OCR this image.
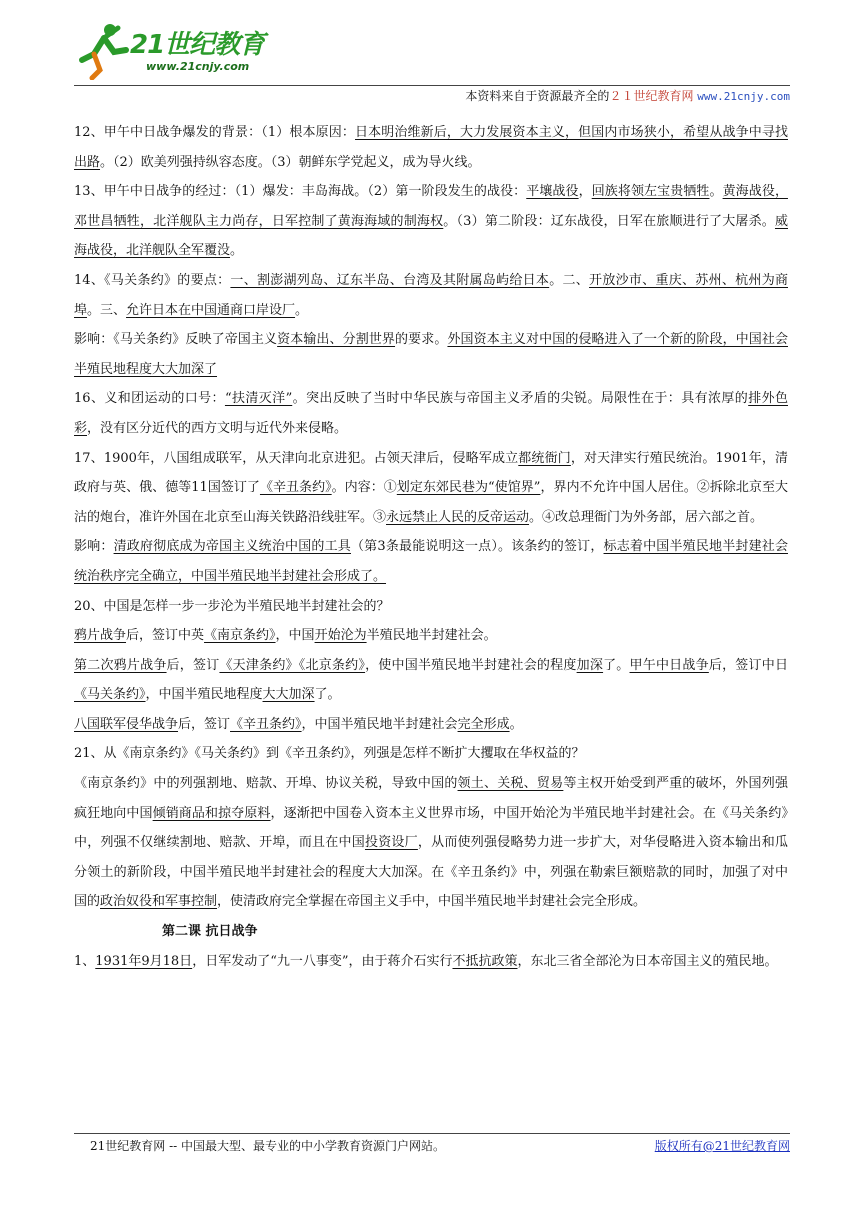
21世纪教育
www.21cnjy.com
本资料来自于资源最齐全的２１世纪教育网 www.21cnjy.com

12、甲午中日战争爆发的背景：（1）根本原因：日本明治维新后，大力发展资本主义，但国内市场狭小，希望从战争中寻找出路。（2）欧美列强持纵容态度。（3）朝鲜东学党起义，成为导火线。

13、甲午中日战争的经过：（1）爆发：丰岛海战。（2）第一阶段发生的战役：平壤战役，回族将领左宝贵牺牲。黄海战役，邓世昌牺牲，北洋舰队主力尚存，日军控制了黄海海域的制海权。（3）第二阶段：辽东战役，日军在旅顺进行了大屠杀。威海战役，北洋舰队全军覆没。

14、《马关条约》的要点：一、割澎湖列岛、辽东半岛、台湾及其附属岛屿给日本。二、开放沙市、重庆、苏州、杭州为商埠。三、允许日本在中国通商口岸设厂。

影响：《马关条约》反映了帝国主义资本输出、分割世界的要求。外国资本主义对中国的侵略进入了一个新的阶段，中国社会半殖民地程度大大加深了

16、义和团运动的口号：“扶清灭洋”。突出反映了当时中华民族与帝国主义矛盾的尖锐。局限性在于：具有浓厚的排外色彩，没有区分近代的西方文明与近代外来侵略。

17、1900年，八国组成联军，从天津向北京进犯。占领天津后，侵略军成立都统衙门，对天津实行殖民统治。1901年，清政府与英、俄、德等11国签订了《辛丑条约》。内容：①划定东郊民巷为“使馆界”，界内不允许中国人居住。②拆除北京至大沽的炮台，准许外国在北京至山海关铁路沿线驻军。③永远禁止人民的反帝运动。④改总理衙门为外务部，居六部之首。

影响：清政府彻底成为帝国主义统治中国的工具（第3条最能说明这一点）。该条约的签订，标志着中国半殖民地半封建社会统治秩序完全确立，中国半殖民地半封建社会形成了。

20、中国是怎样一步一步沦为半殖民地半封建社会的？

鸦片战争后，签订中英《南京条约》，中国开始沦为半殖民地半封建社会。

第二次鸦片战争后，签订《天津条约》《北京条约》，使中国半殖民地半封建社会的程度加深了。甲午中日战争后，签订中日《马关条约》，中国半殖民地程度大大加深了。

八国联军侵华战争后，签订《辛丑条约》，中国半殖民地半封建社会完全形成。

21、从《南京条约》《马关条约》到《辛丑条约》，列强是怎样不断扩大攫取在华权益的？

《南京条约》中的列强割地、赔款、开埠、协议关税，导致中国的领土、关税、贸易等主权开始受到严重的破坏，外国列强疯狂地向中国倾销商品和掠夺原料，逐渐把中国卷入资本主义世界市场，中国开始沦为半殖民地半封建社会。在《马关条约》中，列强不仅继续割地、赔款、开埠，而且在中国投资设厂，从而使列强侵略势力进一步扩大，对华侵略进入资本输出和瓜分领土的新阶段，中国半殖民地半封建社会的程度大大加深。在《辛丑条约》中，列强在勒索巨额赔款的同时，加强了对中国的政治奴役和军事控制，使清政府完全掌握在帝国主义手中，中国半殖民地半封建社会完全形成。

第二课 抗日战争

1、1931年9月18日，日军发动了“九一八事变”，由于蒋介石实行不抵抗政策，东北三省全部沦为日本帝国主义的殖民地。

21世纪教育网 -- 中国最大型、最专业的中小学教育资源门户网站。	版权所有@21世纪教育网
